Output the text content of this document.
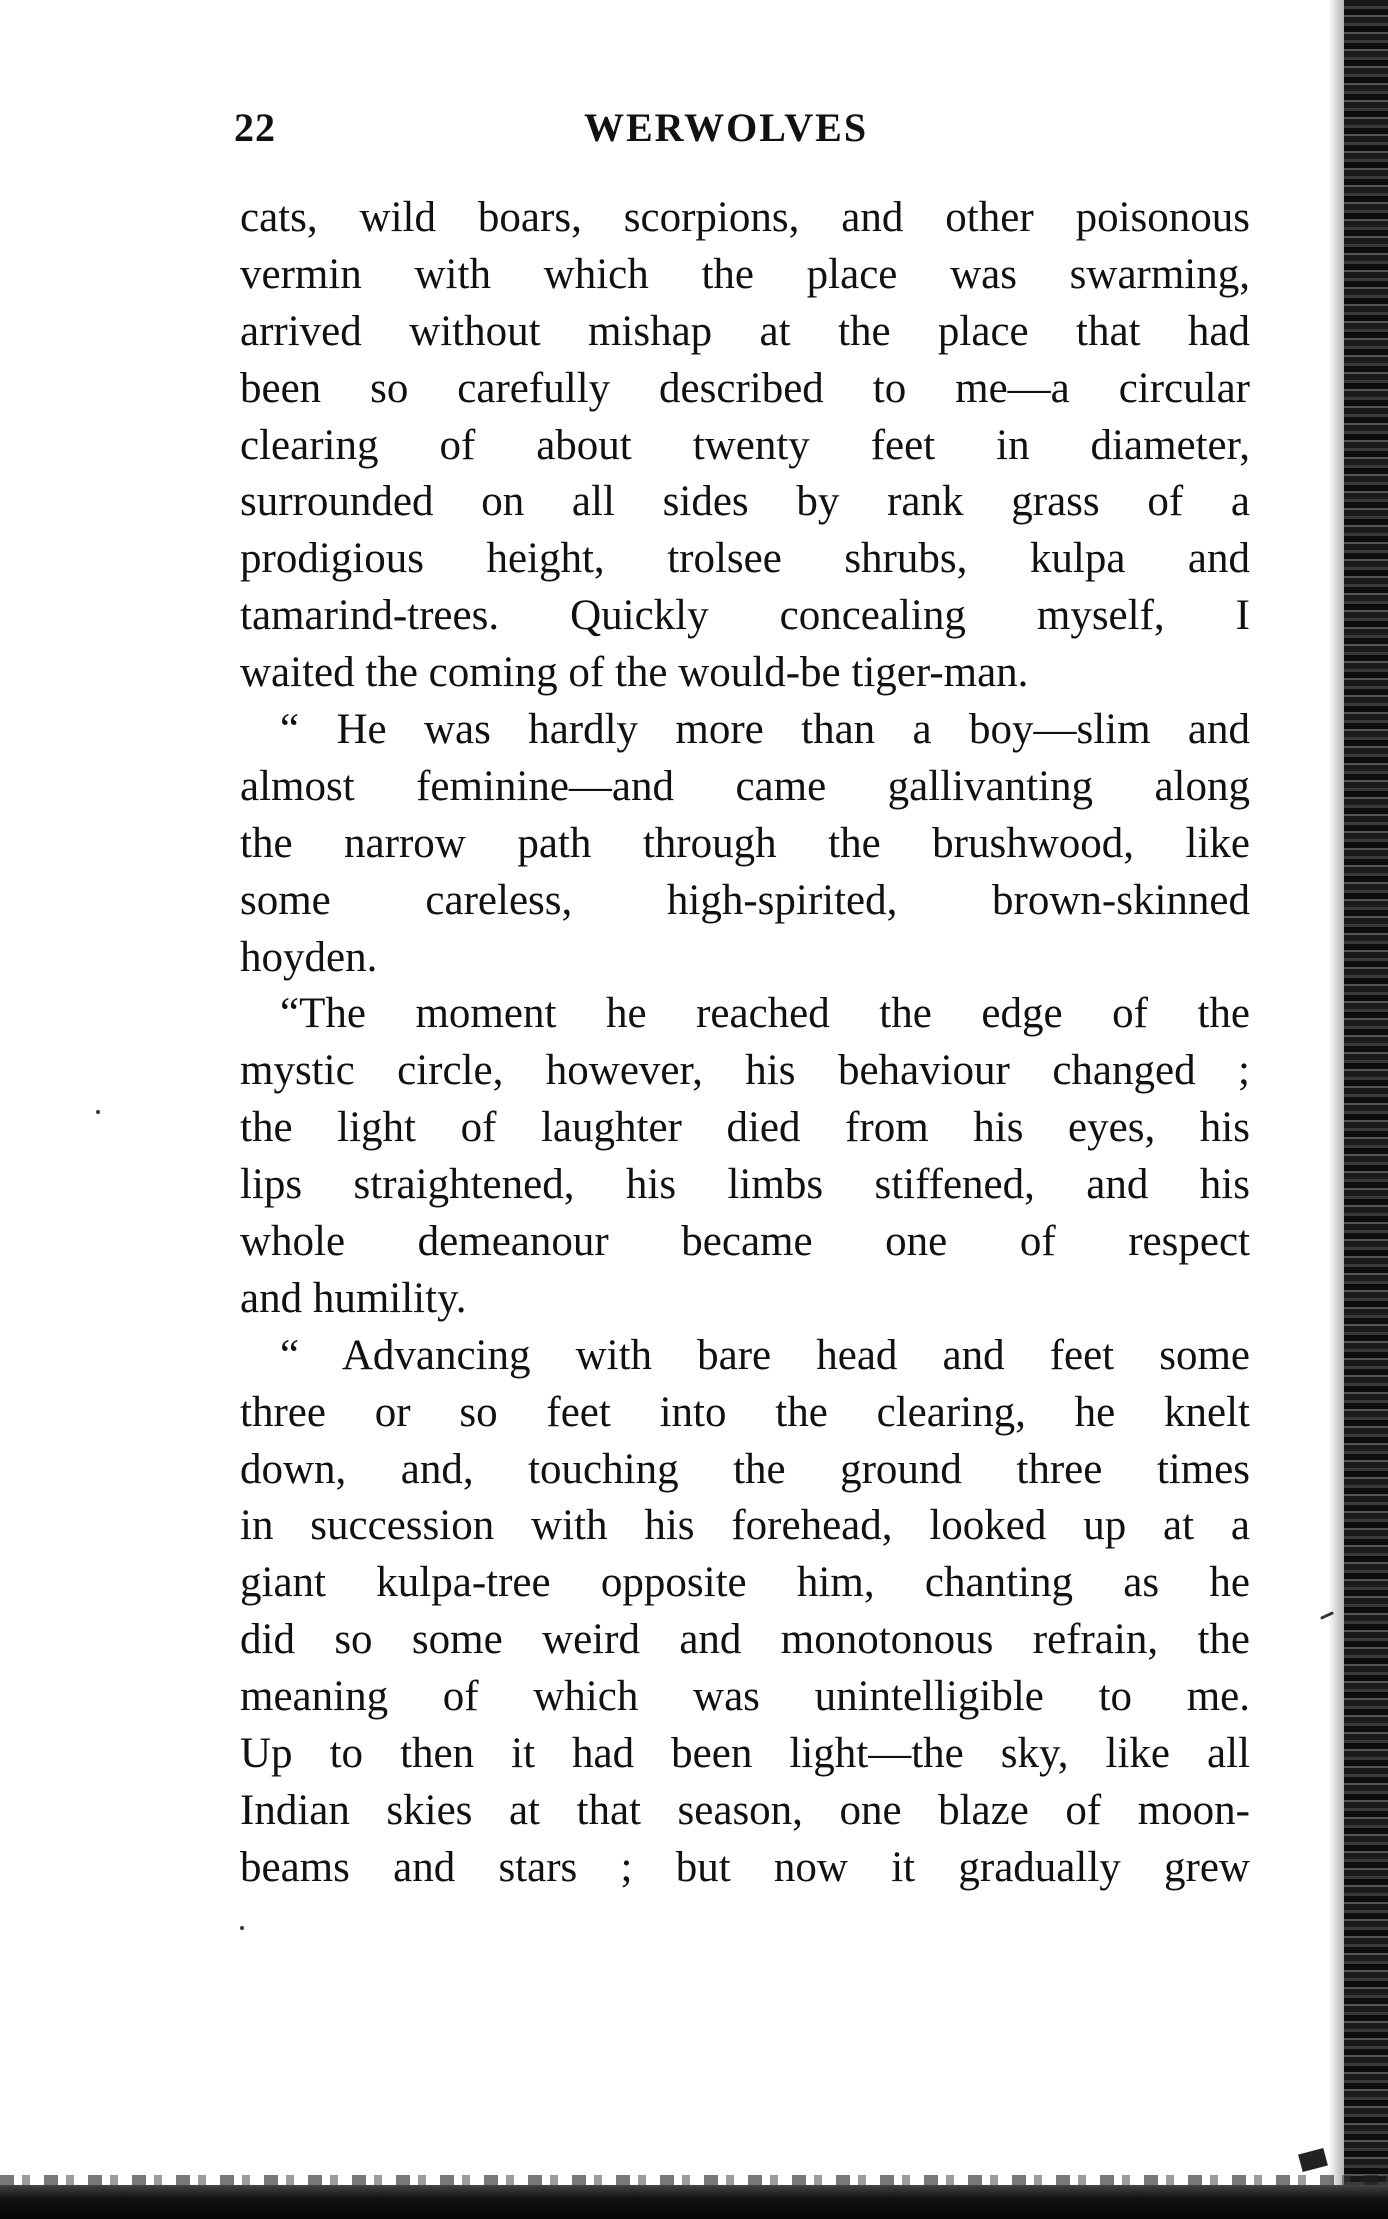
22	WERWOLVES
cats, wild boars, scorpions, and other poisonous
vermin with which the place was swarming,
arrived without mishap at the place that had
been so carefully described to me—a circular
clearing of about twenty feet in diameter,
surrounded on all sides by rank grass of a
prodigious height, trolsee shrubs, kulpa and
tamarind-trees. Quickly concealing myself, I
waited the coming of the would-be tiger-man.
“ He was hardly more than a boy—slim and
almost feminine—and came gallivanting along
the narrow path through the brushwood, like
some careless, high-spirited, brown-skinned
hoyden.
“The moment he reached the edge of the
mystic circle, however, his behaviour changed ;
the light of laughter died from his eyes, his
lips straightened, his limbs stiffened, and his
whole demeanour became one of respect
and humility.
“ Advancing with bare head and feet some
three or so feet into the clearing, he knelt
down, and, touching the ground three times
in succession with his forehead, looked up at a
giant kulpa-tree opposite him, chanting as he
did so some weird and monotonous refrain, the
meaning of which was unintelligible to me.
Up to then it had been light—the sky, like all
Indian skies at that season, one blaze of moon-
beams and stars ; but now it gradually grew
